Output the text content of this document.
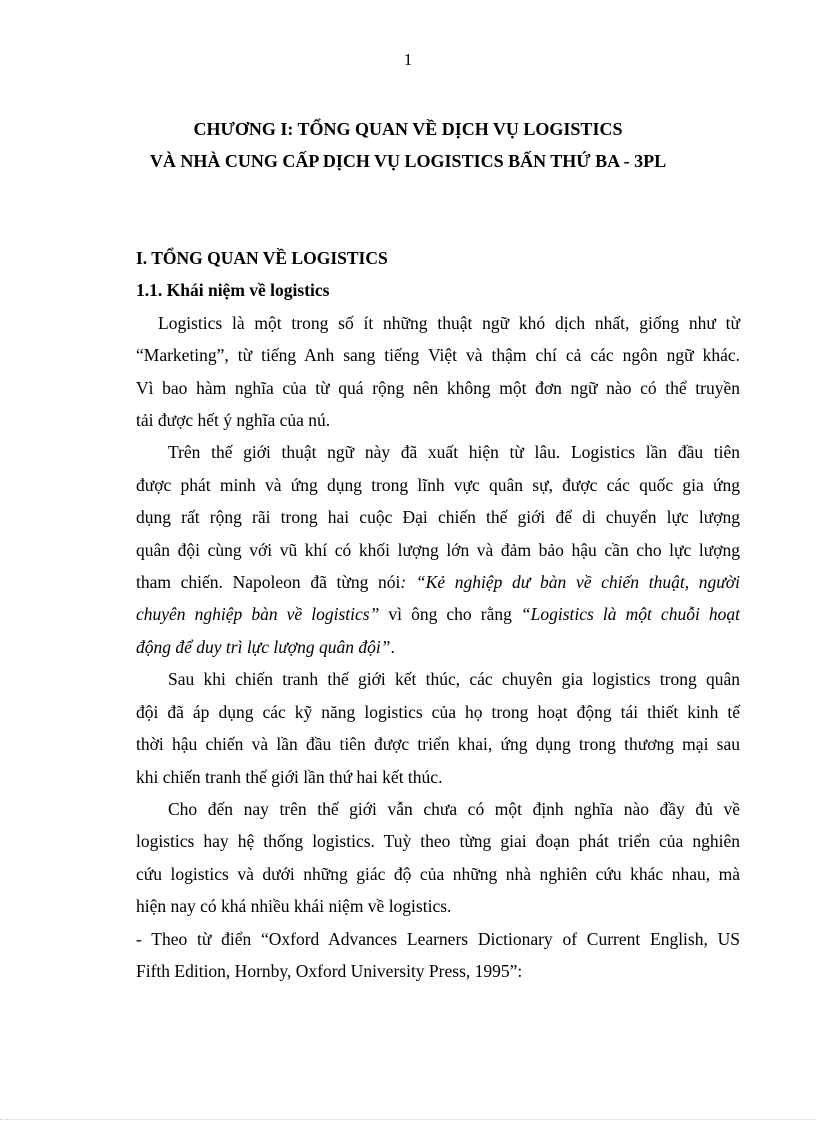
1
CHƯƠNG I: TỔNG QUAN VỀ DỊCH VỤ LOGISTICS
VÀ NHÀ CUNG CẤP DỊCH VỤ LOGISTICS BẤN THỨ BA - 3PL
I. TỔNG QUAN VỀ LOGISTICS
1.1. Khái niệm về logistics
Logistics là một trong số ít những thuật ngữ khó dịch nhất, giống như từ
“Marketing”, từ tiếng Anh sang tiếng Việt và thậm chí cả các ngôn ngữ khác.
Vì bao hàm nghĩa của từ quá rộng nên không một đơn ngữ nào có thể truyền
tải được hết ý nghĩa của nú.
Trên thế giới thuật ngữ này đã xuất hiện từ lâu. Logistics lần đầu tiên
được phát minh và ứng dụng trong lĩnh vực quân sự, được các quốc gia ứng
dụng rất rộng rãi trong hai cuộc Đại chiến thế giới để di chuyển lực lượng
quân đội cùng với vũ khí có khối lượng lớn và đảm bảo hậu cần cho lực lượng
tham chiến. Napoleon đã từng nói: “Kẻ nghiệp dư bàn về chiến thuật, người
chuyên nghiệp bàn về logistics” vì ông cho rằng “Logistics là một chuỗi hoạt
động để duy trì lực lượng quân đội”.
Sau khi chiến tranh thế giới kết thúc, các chuyên gia logistics trong quân
đội đã áp dụng các kỹ năng logistics của họ trong hoạt động tái thiết kinh tế
thời hậu chiến và lần đầu tiên được triển khai, ứng dụng trong thương mại sau
khi chiến tranh thế giới lần thứ hai kết thúc.
Cho đến nay trên thế giới vẫn chưa có một định nghĩa nào đầy đủ về
logistics hay hệ thống logistics. Tuỳ theo từng giai đoạn phát triển của nghiên
cứu logistics và dưới những giác độ của những nhà nghiên cứu khác nhau, mà
hiện nay có khá nhiều khái niệm về logistics.
- Theo từ điển “Oxford Advances Learners Dictionary of Current English, US
Fifth Edition, Hornby, Oxford University Press, 1995”:
